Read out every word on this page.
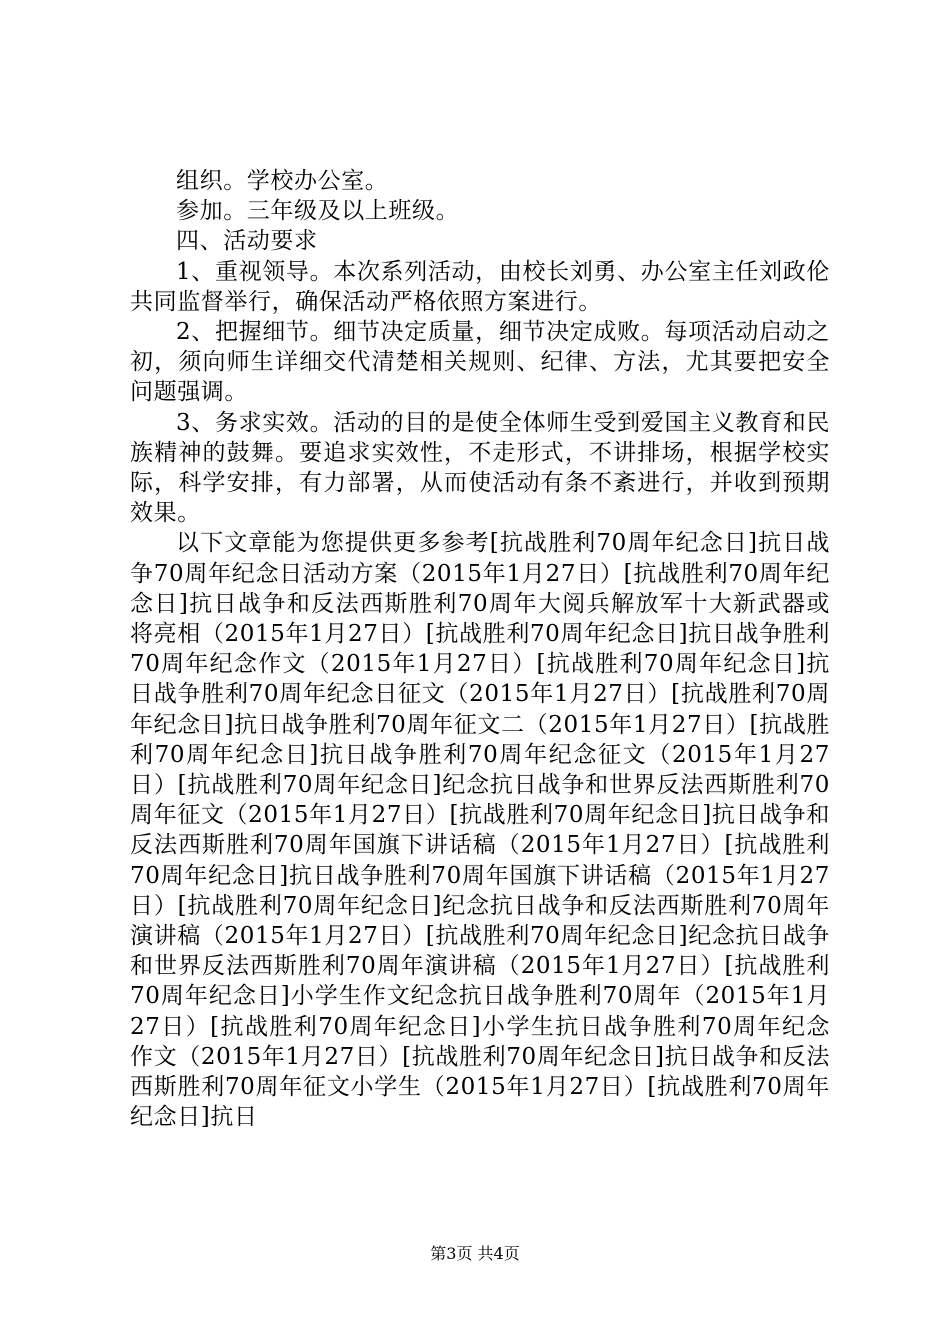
组织。学校办公室。

参加。三年级及以上班级。

四、活动要求

1、重视领导。本次系列活动，由校长刘勇、办公室主任刘政伦共同监督举行，确保活动严格依照方案进行。

2、把握细节。细节决定质量，细节决定成败。每项活动启动之初，须向师生详细交代清楚相关规则、纪律、方法，尤其要把安全问题强调。

3、务求实效。活动的目的是使全体师生受到爱国主义教育和民族精神的鼓舞。要追求实效性，不走形式，不讲排场，根据学校实际，科学安排，有力部署，从而使活动有条不紊进行，并收到预期效果。

以下文章能为您提供更多参考[抗战胜利70周年纪念日]抗日战争70周年纪念日活动方案（2015年1月27日）[抗战胜利70周年纪念日]抗日战争和反法西斯胜利70周年大阅兵解放军十大新武器或将亮相（2015年1月27日）[抗战胜利70周年纪念日]抗日战争胜利70周年纪念作文（2015年1月27日）[抗战胜利70周年纪念日]抗日战争胜利70周年纪念日征文（2015年1月27日）[抗战胜利70周年纪念日]抗日战争胜利70周年征文二（2015年1月27日）[抗战胜利70周年纪念日]抗日战争胜利70周年纪念征文（2015年1月27日）[抗战胜利70周年纪念日]纪念抗日战争和世界反法西斯胜利70周年征文（2015年1月27日）[抗战胜利70周年纪念日]抗日战争和反法西斯胜利70周年国旗下讲话稿（2015年1月27日）[抗战胜利70周年纪念日]抗日战争胜利70周年国旗下讲话稿（2015年1月27日）[抗战胜利70周年纪念日]纪念抗日战争和反法西斯胜利70周年演讲稿（2015年1月27日）[抗战胜利70周年纪念日]纪念抗日战争和世界反法西斯胜利70周年演讲稿（2015年1月27日）[抗战胜利70周年纪念日]小学生作文纪念抗日战争胜利70周年（2015年1月27日）[抗战胜利70周年纪念日]小学生抗日战争胜利70周年纪念作文（2015年1月27日）[抗战胜利70周年纪念日]抗日战争和反法西斯胜利70周年征文小学生（2015年1月27日）[抗战胜利70周年纪念日]抗日

第3页 共4页
